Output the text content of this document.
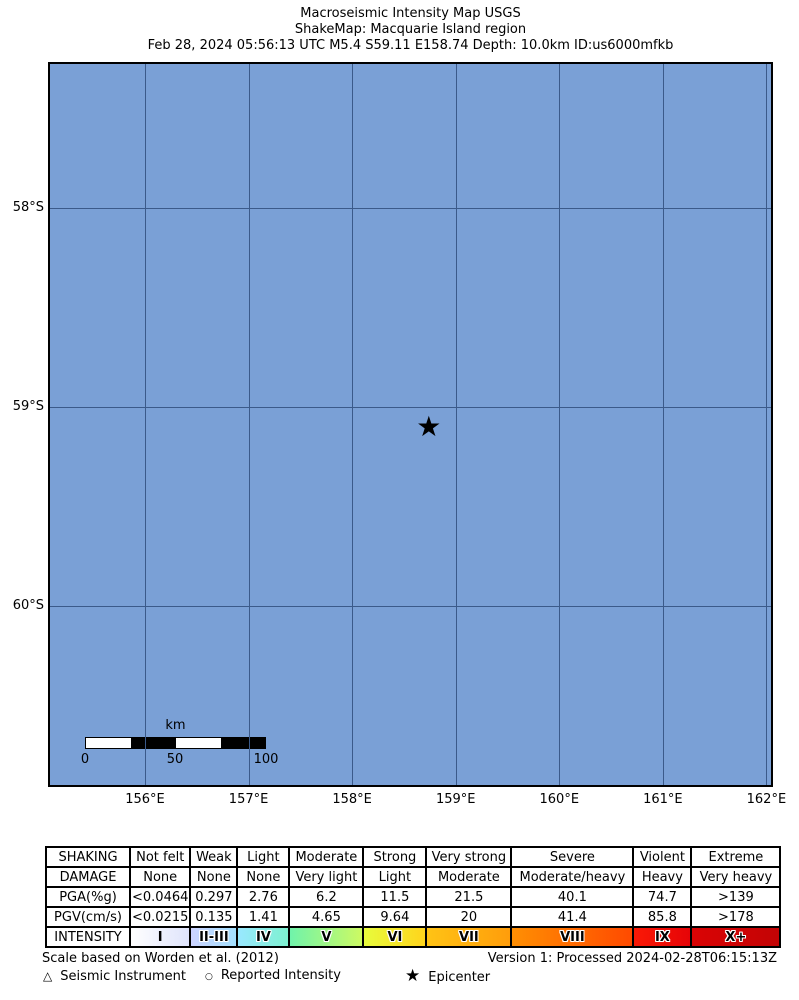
Macroseismic Intensity Map USGS
ShakeMap: Macquarie Island region
Feb 28, 2024 05:56:13 UTC M5.4 S59.11 E158.74 Depth: 10.0km ID:us6000mfkb
★
km
0	50	100
156°E	157°E	158°E	159°E	160°E	161°E	162°E
58°S
59°S
60°S
SHAKING	Not felt	Weak	Light	Moderate	Strong	Very strong	Severe	Violent	Extreme
DAMAGE	None	None	None	Very light	Light	Moderate	Moderate/heavy	Heavy	Very heavy
PGA(%g)	<0.0464	0.297	2.76	6.2	11.5	21.5	40.1	74.7	>139
PGV(cm/s)	<0.0215	0.135	1.41	4.65	9.64	20	41.4	85.8	>178
INTENSITY	I	II-III	IV	V	VI	VII	VIII	IX	X+
Scale based on Worden et al. (2012)	Version 1: Processed 2024-02-28T06:15:13Z
△ Seismic Instrument ○ Reported Intensity	★ Epicenter
